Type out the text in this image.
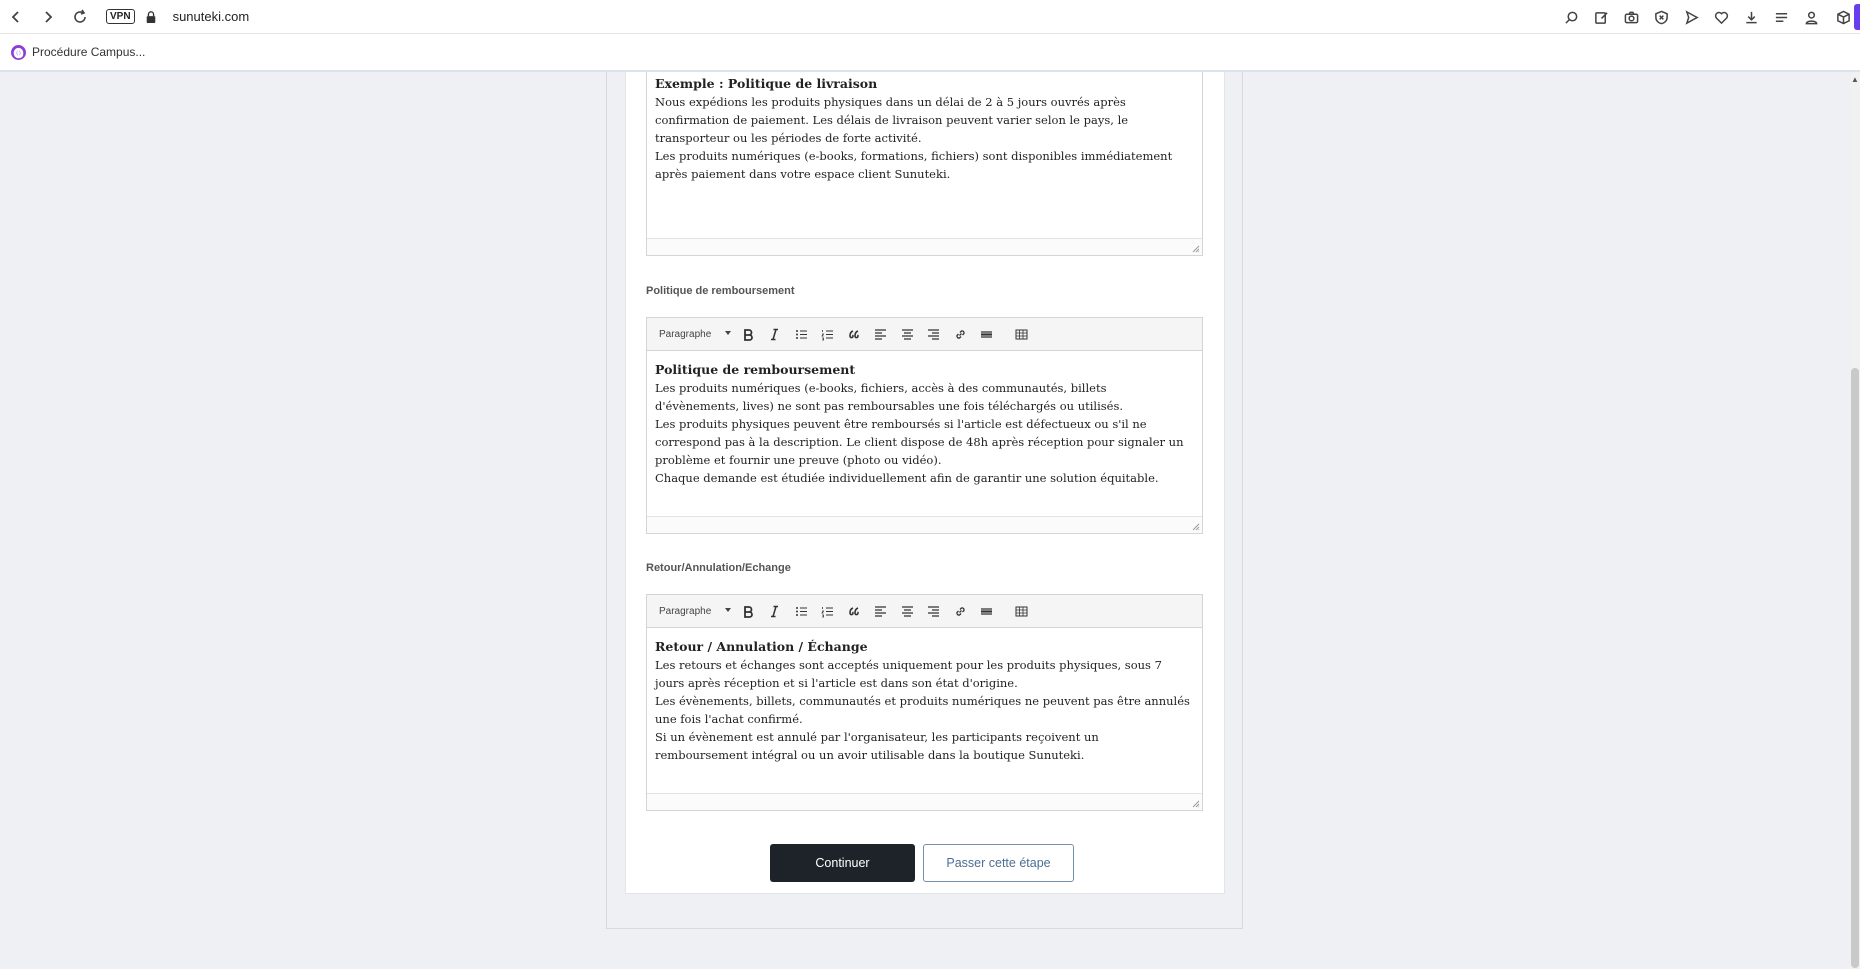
VPN	sunuteki.com
⓿ Procédure Campus...
Exemple : Politique de livraison
Nous expédions les produits physiques dans un délai de 2 à 5 jours ouvrés après confirmation de paiement. Les délais de livraison peuvent varier selon le pays, le transporteur ou les périodes de forte activité.
Les produits numériques (e-books, formations, fichiers) sont disponibles immédiatement après paiement dans votre espace client Sunuteki.
Politique de remboursement
Paragraphe
Politique de remboursement
Les produits numériques (e-books, fichiers, accès à des communautés, billets d'évènements, lives) ne sont pas remboursables une fois téléchargés ou utilisés.
Les produits physiques peuvent être remboursés si l'article est défectueux ou s'il ne correspond pas à la description. Le client dispose de 48h après réception pour signaler un problème et fournir une preuve (photo ou vidéo).
Chaque demande est étudiée individuellement afin de garantir une solution équitable.
Retour/Annulation/Echange
Paragraphe
Retour / Annulation / Échange
Les retours et échanges sont acceptés uniquement pour les produits physiques, sous 7 jours après réception et si l'article est dans son état d'origine.
Les évènements, billets, communautés et produits numériques ne peuvent pas être annulés une fois l'achat confirmé.
Si un évènement est annulé par l'organisateur, les participants reçoivent un remboursement intégral ou un avoir utilisable dans la boutique Sunuteki.
Continuer	Passer cette étape
▲
